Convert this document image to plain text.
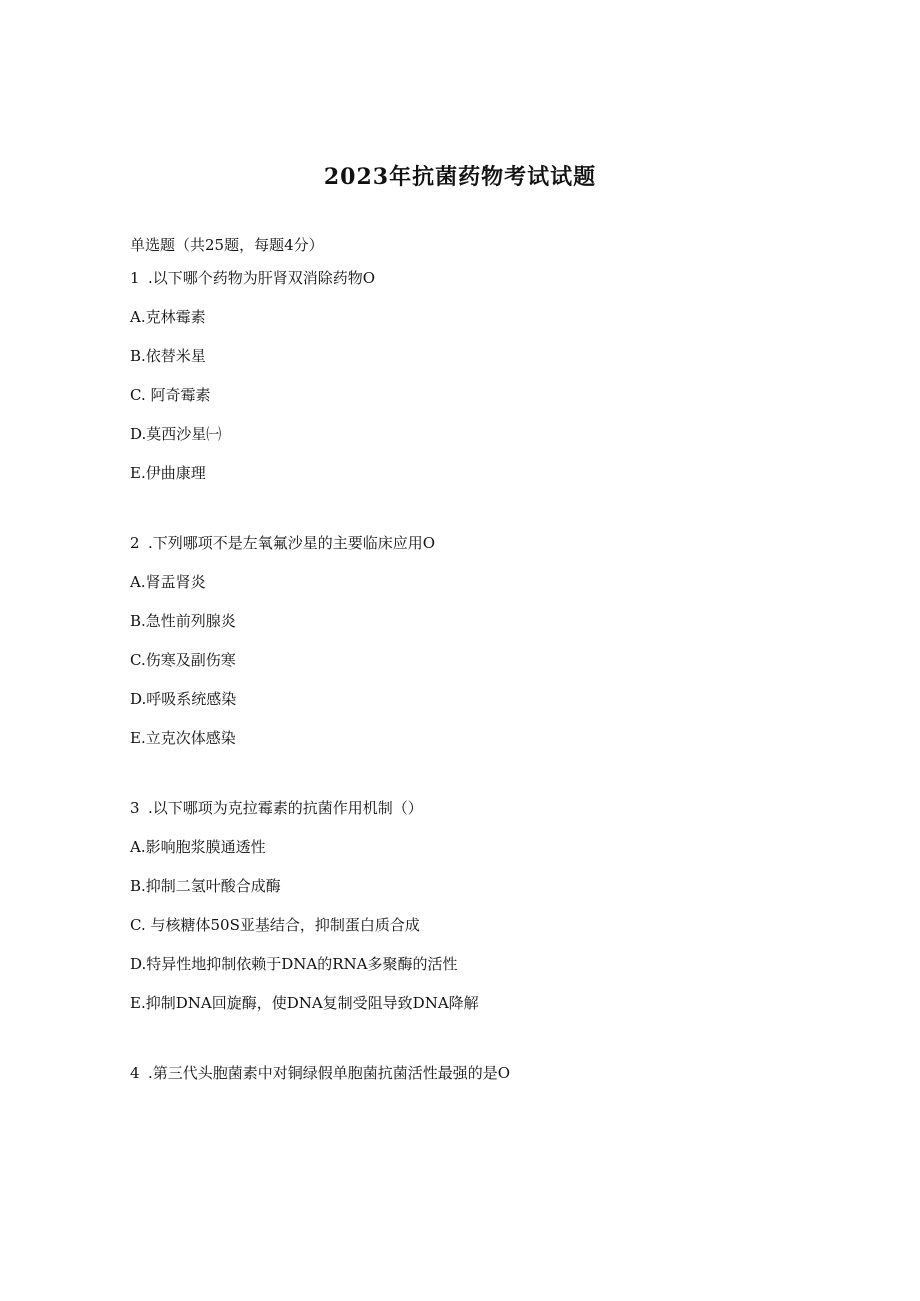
2023年抗菌药物考试试题
单选题（共25题，每题4分）
1 .以下哪个药物为肝肾双消除药物O
A.克林霉素
B.依替米星
C. 阿奇霉素
D.莫西沙星㈠
E.伊曲康理
2 .下列哪项不是左氧氟沙星的主要临床应用O
A.肾盂肾炎
B.急性前列腺炎
C.伤寒及副伤寒
D.呼吸系统感染
E.立克次体感染
3 .以下哪项为克拉霉素的抗菌作用机制（）
A.影响胞浆膜通透性
B.抑制二氢叶酸合成酶
C. 与核糖体50S亚基结合，抑制蛋白质合成
D.特异性地抑制依赖于DNA的RNA多聚酶的活性
E.抑制DNA回旋酶，使DNA复制受阻导致DNA降解
4 .第三代头胞菌素中对铜绿假单胞菌抗菌活性最强的是O
